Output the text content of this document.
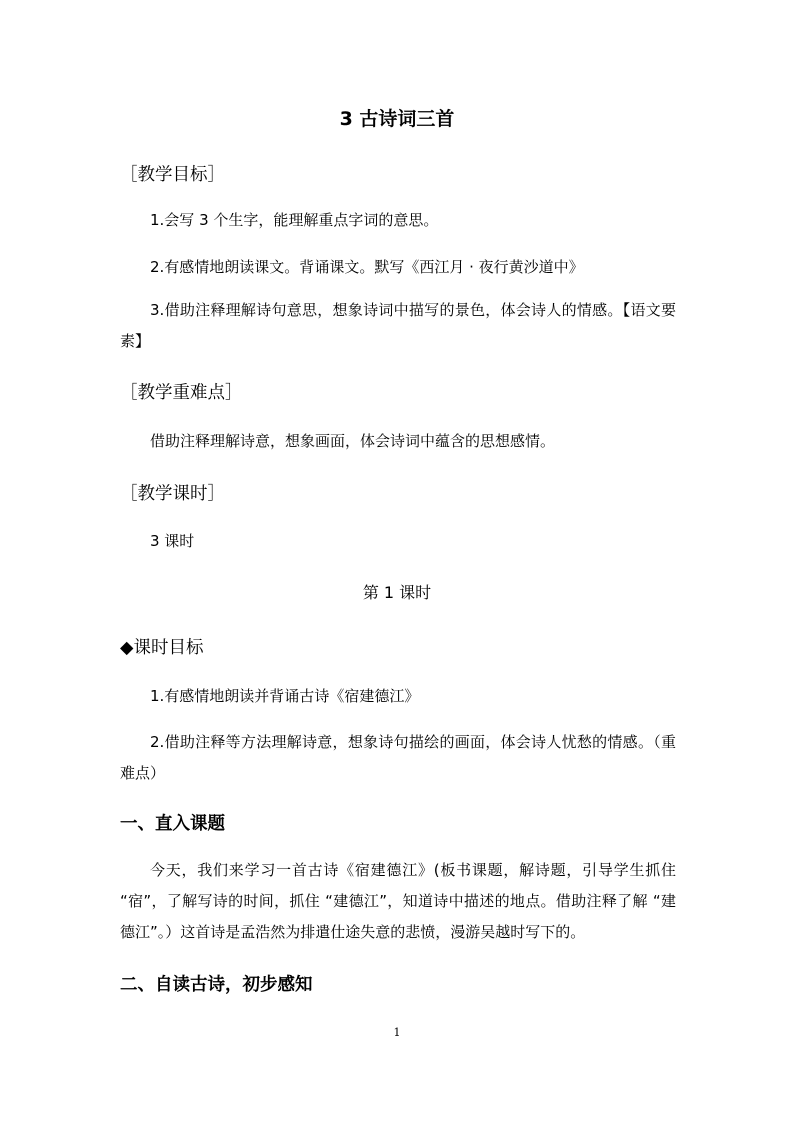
3 古诗词三首
［教学目标］
1.会写 3 个生字，能理解重点字词的意思。
2.有感情地朗读课文。背诵课文。默写《西江月 · 夜行黄沙道中》
3.借助注释理解诗句意思，想象诗词中描写的景色，体会诗人的情感。【语文要素】
［教学重难点］
借助注释理解诗意，想象画面，体会诗词中蕴含的思想感情。
［教学课时］
3 课时
第 1 课时
◆课时目标
1.有感情地朗读并背诵古诗《宿建德江》
2.借助注释等方法理解诗意，想象诗句描绘的画面，体会诗人忧愁的情感。（重难点）
一、直入课题
今天，我们来学习一首古诗《宿建德江》(板书课题，解诗题，引导学生抓住 “宿”，了解写诗的时间，抓住 “建德江”，知道诗中描述的地点。借助注释了解 “建德江”。）这首诗是孟浩然为排遣仕途失意的悲愤，漫游吴越时写下的。
二、自读古诗，初步感知
1
